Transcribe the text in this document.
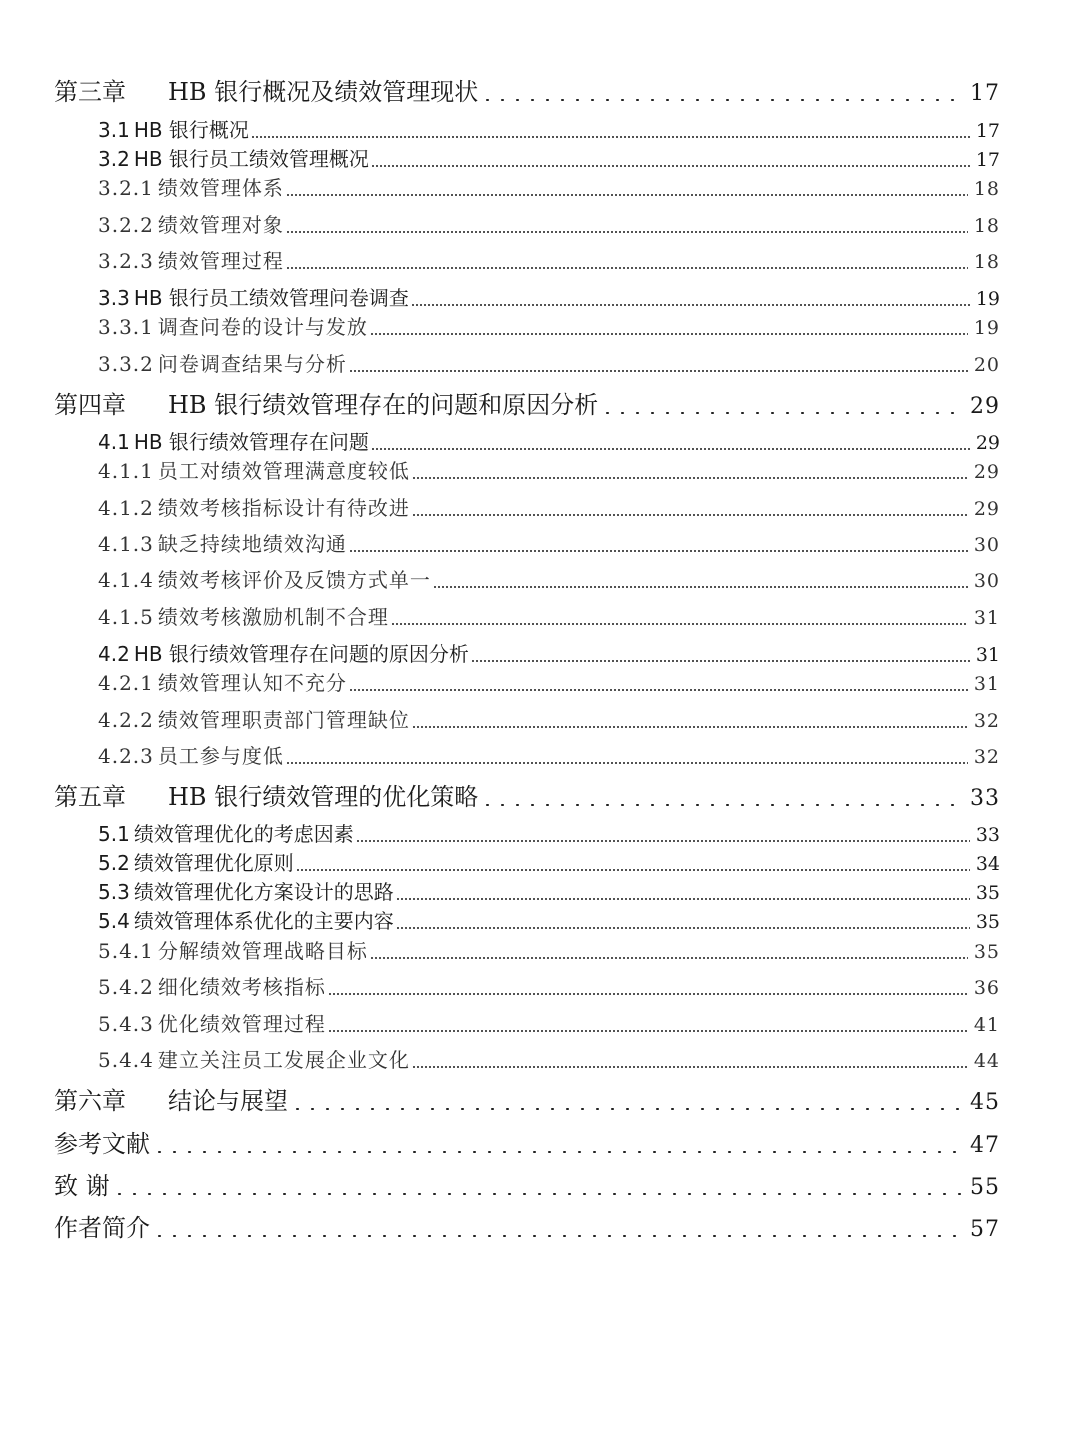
第三章	HB 银行概况及绩效管理现状	17
3.1 HB 银行概况	17
3.2 HB 银行员工绩效管理概况	17
3.2.1 绩效管理体系	18
3.2.2 绩效管理对象	18
3.2.3 绩效管理过程	18
3.3 HB 银行员工绩效管理问卷调查	19
3.3.1 调查问卷的设计与发放	19
3.3.2 问卷调查结果与分析	20
第四章	HB 银行绩效管理存在的问题和原因分析	29
4.1 HB 银行绩效管理存在问题	29
4.1.1 员工对绩效管理满意度较低	29
4.1.2 绩效考核指标设计有待改进	29
4.1.3 缺乏持续地绩效沟通	30
4.1.4 绩效考核评价及反馈方式单一	30
4.1.5 绩效考核激励机制不合理	31
4.2 HB 银行绩效管理存在问题的原因分析	31
4.2.1 绩效管理认知不充分	31
4.2.2 绩效管理职责部门管理缺位	32
4.2.3 员工参与度低	32
第五章	HB 银行绩效管理的优化策略	33
5.1 绩效管理优化的考虑因素	33
5.2 绩效管理优化原则	34
5.3 绩效管理优化方案设计的思路	35
5.4 绩效管理体系优化的主要内容	35
5.4.1 分解绩效管理战略目标	35
5.4.2 细化绩效考核指标	36
5.4.3 优化绩效管理过程	41
5.4.4 建立关注员工发展企业文化	44
第六章	结论与展望	45
参考文献	47
致 谢	55
作者简介	57
